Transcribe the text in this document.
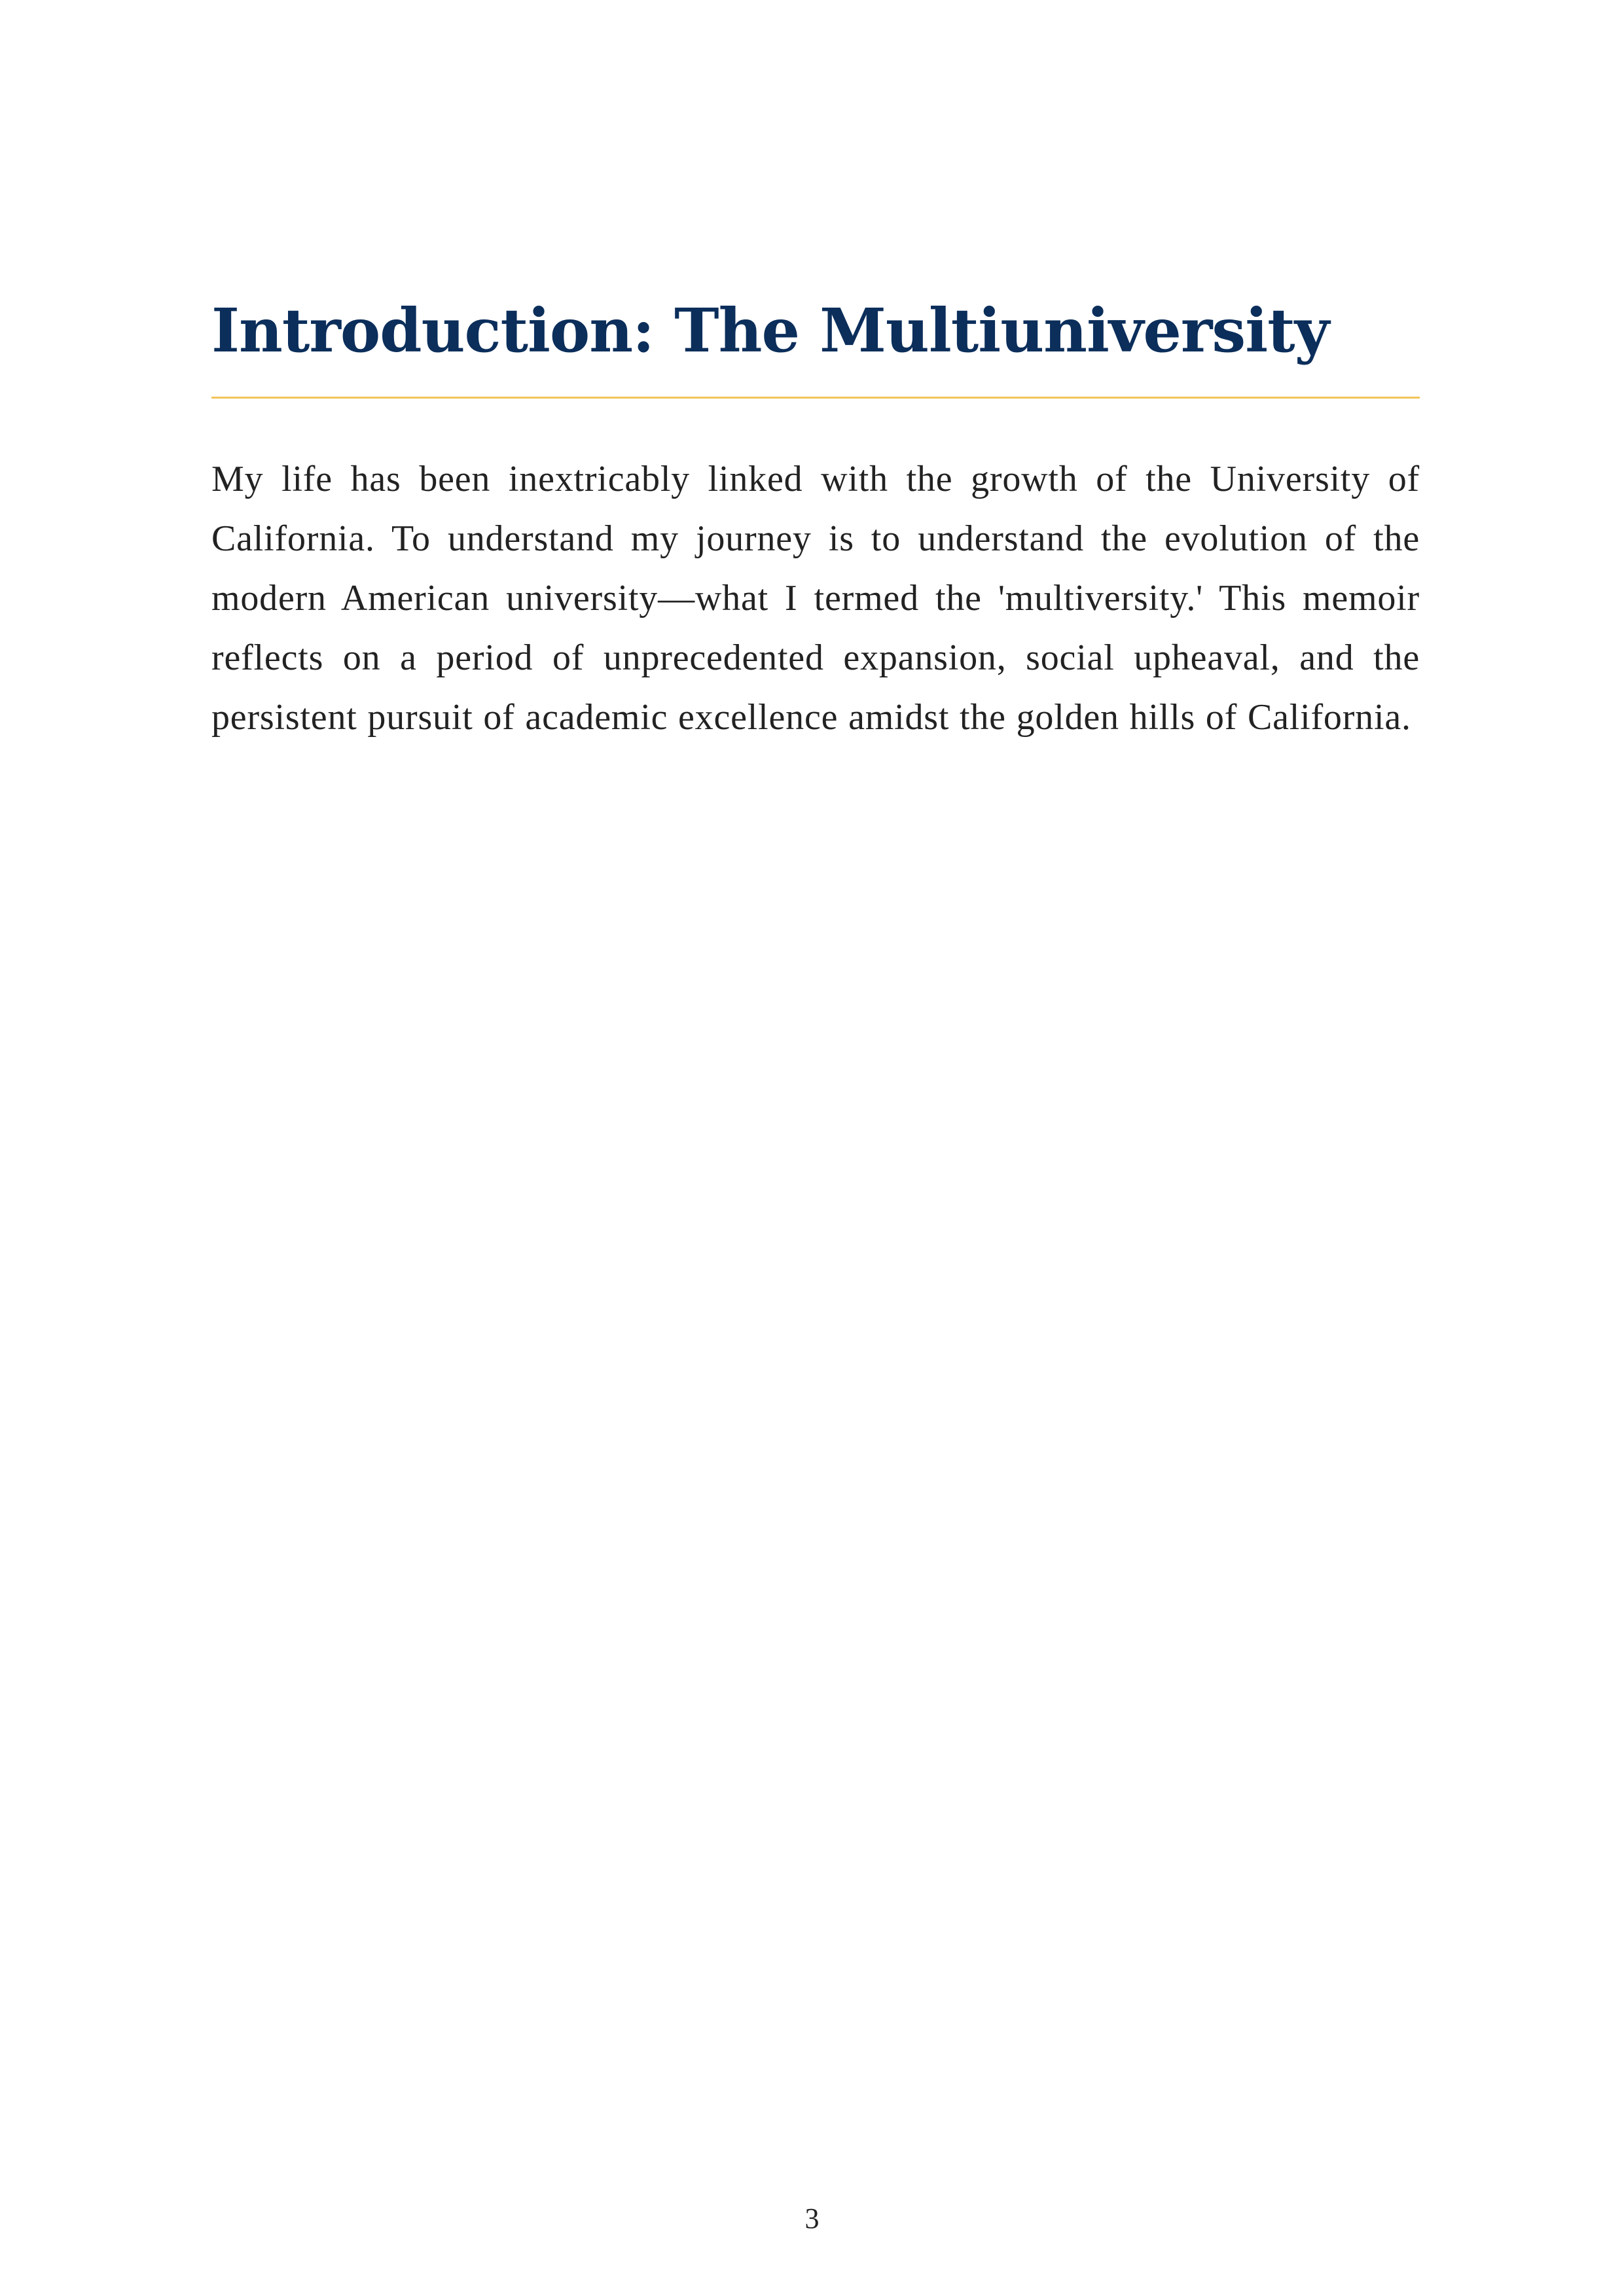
Introduction: The Multiuniversity

My life has been inextricably linked with the growth of the University of California. To understand my journey is to understand the evolution of the modern American university—what I termed the 'multiversity.' This memoir reflects on a period of unprecedented expansion, social upheaval, and the persistent pursuit of academic excellence amidst the golden hills of California.

3
